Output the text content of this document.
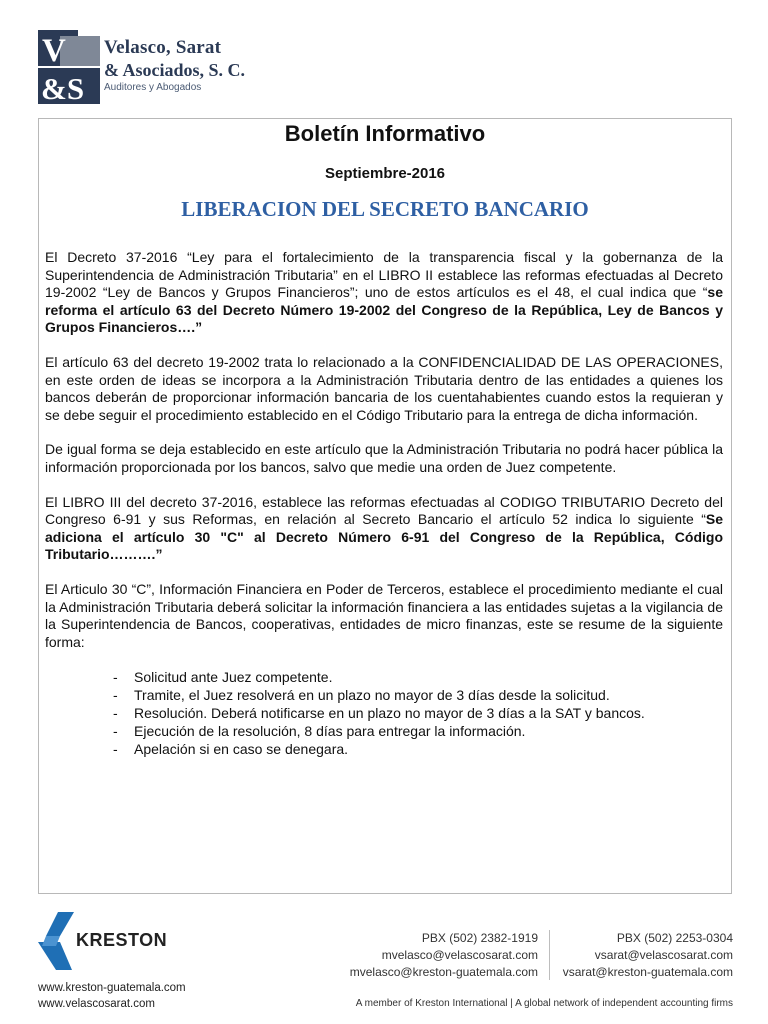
V
&S
Velasco, Sarat
& Asociados, S. C.
Auditores y Abogados
Boletín Informativo
Septiembre-2016
LIBERACION DEL SECRETO BANCARIO

El Decreto 37-2016 “Ley para el fortalecimiento de la transparencia fiscal y la gobernanza de la Superintendencia de Administración Tributaria” en el LIBRO II establece las reformas efectuadas al Decreto 19-2002 “Ley de Bancos y Grupos Financieros”; uno de estos artículos es el 48, el cual indica que “se reforma el artículo 63 del Decreto Número 19-2002 del Congreso de la República, Ley de Bancos y Grupos Financieros….”

El artículo 63 del decreto 19-2002 trata lo relacionado a la CONFIDENCIALIDAD DE LAS OPERACIONES, en este orden de ideas se incorpora a la Administración Tributaria dentro de las entidades a quienes los bancos deberán de proporcionar información bancaria de los cuentahabientes cuando estos la requieran y se debe seguir el procedimiento establecido en el Código Tributario para la entrega de dicha información.

De igual forma se deja establecido en este artículo que la Administración Tributaria no podrá hacer pública la información proporcionada por los bancos, salvo que medie una orden de Juez competente.

El LIBRO III del decreto 37-2016, establece las reformas efectuadas al CODIGO TRIBUTARIO Decreto del Congreso 6-91 y sus Reformas, en relación al Secreto Bancario el artículo 52 indica lo siguiente “Se adiciona el artículo 30 "C" al Decreto Número 6-91 del Congreso de la República, Código Tributario……….”

El Articulo 30 “C”, Información Financiera en Poder de Terceros, establece el procedimiento mediante el cual la Administración Tributaria deberá solicitar la información financiera a las entidades sujetas a la vigilancia de la Superintendencia de Bancos, cooperativas, entidades de micro finanzas, este se resume de la siguiente forma:

- Solicitud ante Juez competente.
- Tramite, el Juez resolverá en un plazo no mayor de 3 días desde la solicitud.
- Resolución. Deberá notificarse en un plazo no mayor de 3 días a la SAT y bancos.
- Ejecución de la resolución, 8 días para entregar la información.
- Apelación si en caso se denegara.
KRESTON
www.kreston-guatemala.com
www.velascosarat.com
PBX (502) 2382-1919
mvelasco@velascosarat.com
mvelasco@kreston-guatemala.com
PBX (502) 2253-0304
vsarat@velascosarat.com
vsarat@kreston-guatemala.com
A member of Kreston International | A global network of independent accounting firms
